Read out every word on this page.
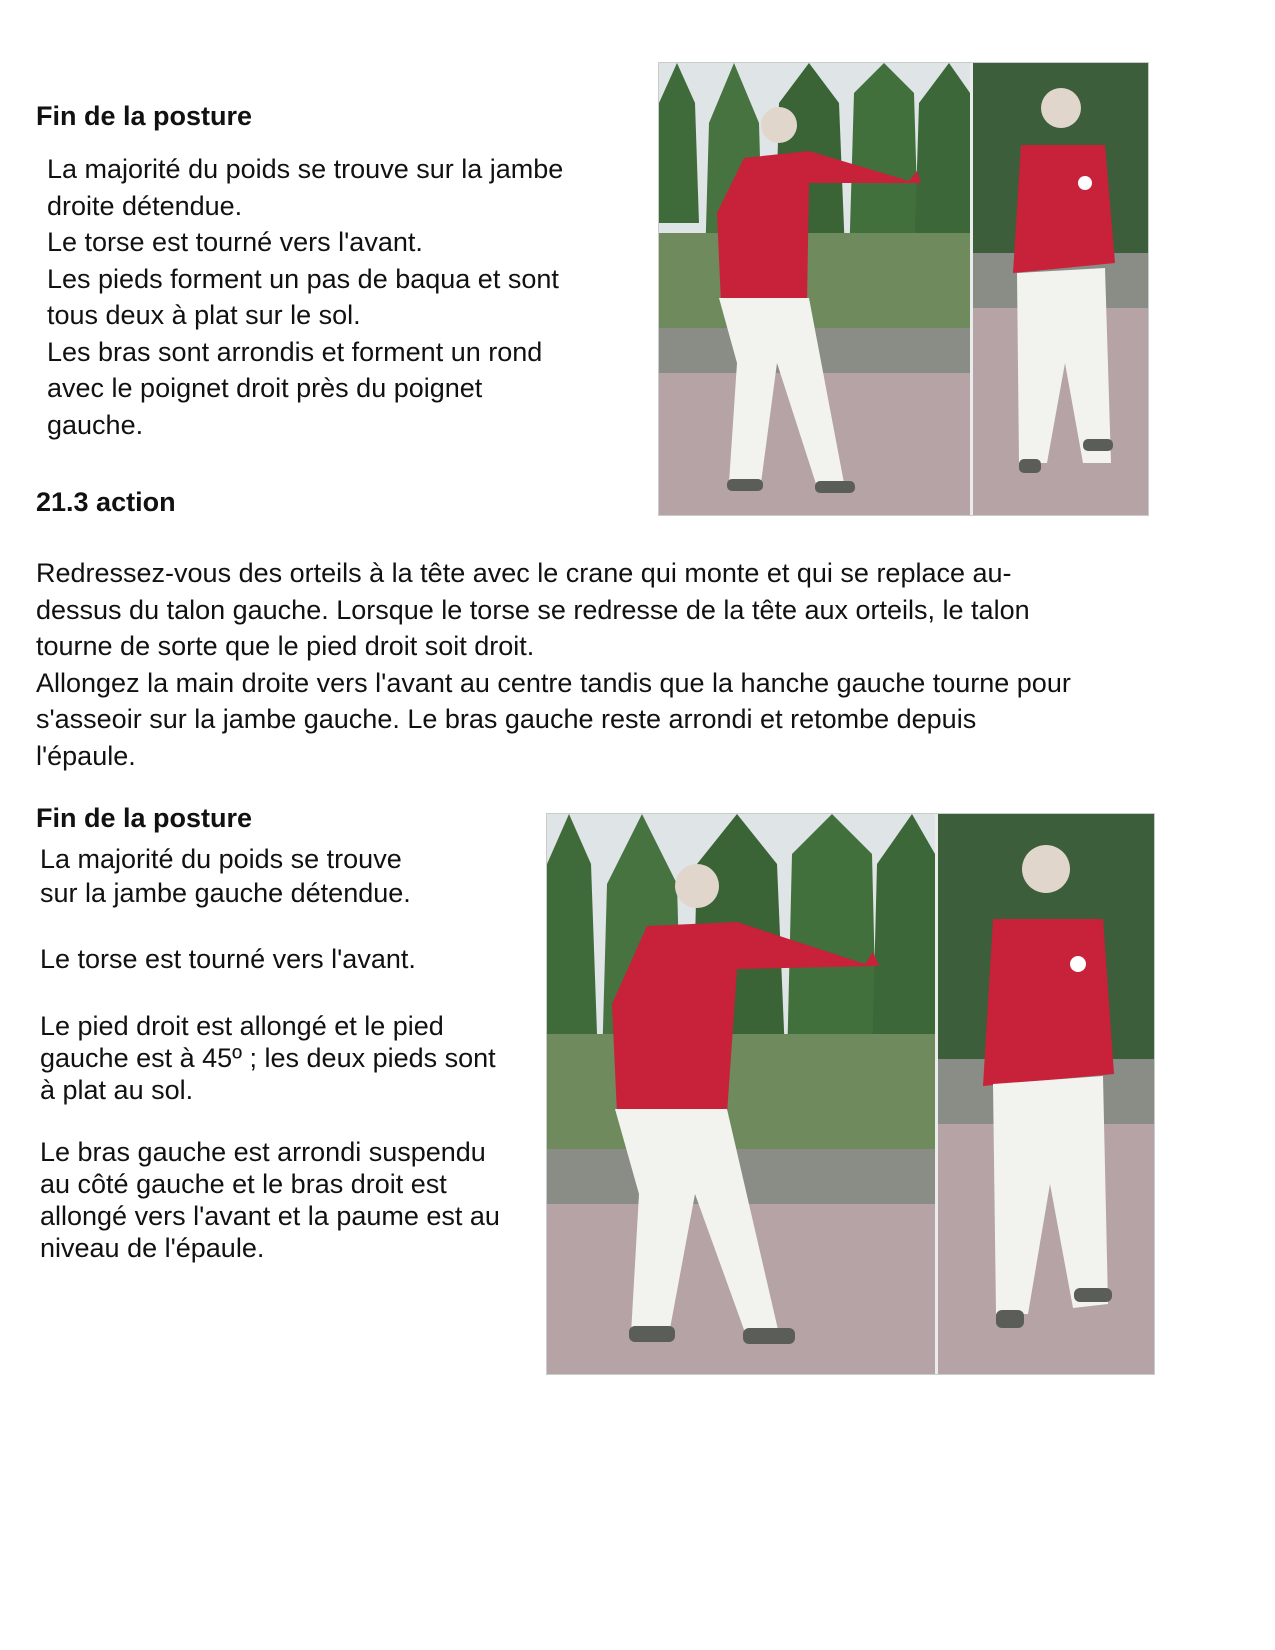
Fin de la posture
La majorité du poids se trouve sur la jambe
droite détendue.
Le torse est tourné vers l'avant.
Les pieds forment un pas de baqua et sont
tous deux à plat sur le sol.
Les bras sont arrondis et forment un rond
avec le poignet droit près du poignet
gauche.
21.3 action
Redressez-vous des orteils à la tête avec le crane qui monte et qui se replace au-
dessus du talon gauche. Lorsque le torse se redresse de la tête aux orteils, le talon
tourne de sorte que le pied droit soit droit.
Allongez la main droite vers l'avant au centre tandis que la hanche gauche tourne pour
s'asseoir sur la jambe gauche. Le bras gauche reste arrondi et retombe depuis
l'épaule.
Fin de la posture
La majorité du poids se trouve
sur la jambe gauche détendue.
Le torse est tourné vers l'avant.
Le pied droit est allongé et le pied
gauche est à 45º ; les deux pieds sont
à plat au sol.
Le bras gauche est arrondi suspendu
au côté gauche et le bras droit est
allongé vers l'avant et la paume est au
niveau de l'épaule.
